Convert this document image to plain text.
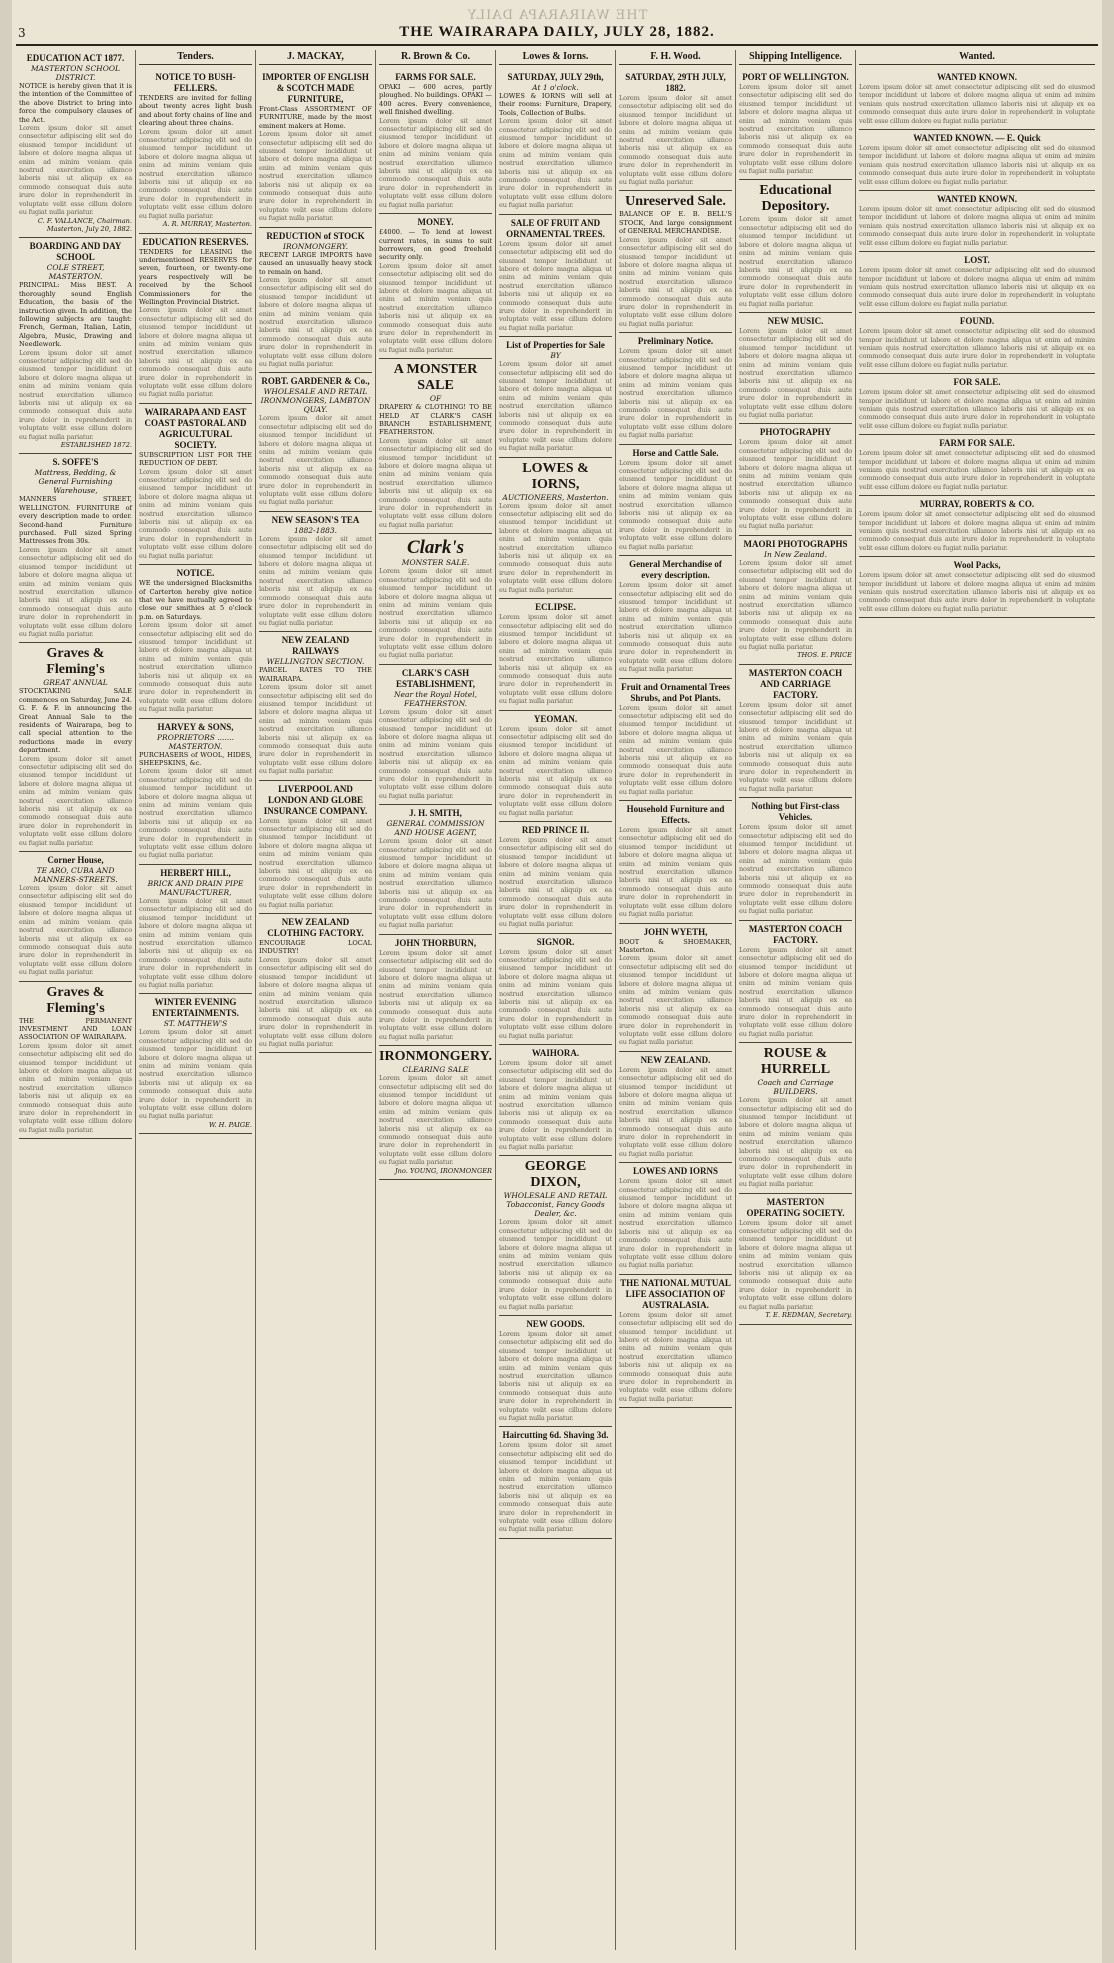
THE WAIRARAPA DAILY
3	THE WAIRARAPA DAILY, JULY 28, 1882.
EDUCATION ACT 1877.
MASTERTON SCHOOL DISTRICT.
NOTICE is hereby given that it is the intention of the Committee of the above District to bring into force the compulsory clauses of the Act.
Lorem ipsum dolor sit amet consectetur adipiscing elit sed do eiusmod tempor incididunt ut labore et dolore magna aliqua ut enim ad minim veniam quis nostrud exercitation ullamco laboris nisi ut aliquip ex ea commodo consequat duis aute irure dolor in reprehenderit in voluptate velit esse cillum dolore eu fugiat nulla pariatur.
C. F. VALLANCE, Chairman. Masterton, July 20, 1882.
BOARDING AND DAY SCHOOL
COLE STREET, MASTERTON.
PRINCIPAL: Miss BEST. A thoroughly sound English Education, the basis of the instruction given. In addition, the following subjects are taught: French, German, Italian, Latin, Algebra, Music, Drawing and Needlework.
Lorem ipsum dolor sit amet consectetur adipiscing elit sed do eiusmod tempor incididunt ut labore et dolore magna aliqua ut enim ad minim veniam quis nostrud exercitation ullamco laboris nisi ut aliquip ex ea commodo consequat duis aute irure dolor in reprehenderit in voluptate velit esse cillum dolore eu fugiat nulla pariatur.
ESTABLISHED 1872.
S. SOFFE'S
Mattress, Bedding, & General Furnishing Warehouse,
MANNERS STREET, WELLINGTON. FURNITURE of every description made to order. Second-hand Furniture purchased. Full sized Spring Mattresses from 30s.
Lorem ipsum dolor sit amet consectetur adipiscing elit sed do eiusmod tempor incididunt ut labore et dolore magna aliqua ut enim ad minim veniam quis nostrud exercitation ullamco laboris nisi ut aliquip ex ea commodo consequat duis aute irure dolor in reprehenderit in voluptate velit esse cillum dolore eu fugiat nulla pariatur.
Graves & Fleming's
GREAT ANNUAL
STOCKTAKING SALE commences on Saturday, June 24. G. F. & F. in announcing the Great Annual Sale to the residents of Wairarapa, beg to call special attention to the reductions made in every department.
Lorem ipsum dolor sit amet consectetur adipiscing elit sed do eiusmod tempor incididunt ut labore et dolore magna aliqua ut enim ad minim veniam quis nostrud exercitation ullamco laboris nisi ut aliquip ex ea commodo consequat duis aute irure dolor in reprehenderit in voluptate velit esse cillum dolore eu fugiat nulla pariatur.
Corner House,
TE ARO, CUBA AND MANNERS-STREETS.
Lorem ipsum dolor sit amet consectetur adipiscing elit sed do eiusmod tempor incididunt ut labore et dolore magna aliqua ut enim ad minim veniam quis nostrud exercitation ullamco laboris nisi ut aliquip ex ea commodo consequat duis aute irure dolor in reprehenderit in voluptate velit esse cillum dolore eu fugiat nulla pariatur.
Graves & Fleming's
THE PERMANENT INVESTMENT AND LOAN ASSOCIATION OF WAIRARAPA.
Lorem ipsum dolor sit amet consectetur adipiscing elit sed do eiusmod tempor incididunt ut labore et dolore magna aliqua ut enim ad minim veniam quis nostrud exercitation ullamco laboris nisi ut aliquip ex ea commodo consequat duis aute irure dolor in reprehenderit in voluptate velit esse cillum dolore eu fugiat nulla pariatur.
Tenders.
NOTICE TO BUSH-FELLERS.
TENDERS are invited for felling about twenty acres light bush and about forty chains of line and clearing about three chains.
Lorem ipsum dolor sit amet consectetur adipiscing elit sed do eiusmod tempor incididunt ut labore et dolore magna aliqua ut enim ad minim veniam quis nostrud exercitation ullamco laboris nisi ut aliquip ex ea commodo consequat duis aute irure dolor in reprehenderit in voluptate velit esse cillum dolore eu fugiat nulla pariatur.
A. R. MURRAY, Masterton.
EDUCATION RESERVES.
TENDERS for LEASING the undermentioned RESERVES for seven, fourteen, or twenty-one years respectively will be received by the School Commissioners for the Wellington Provincial District.
Lorem ipsum dolor sit amet consectetur adipiscing elit sed do eiusmod tempor incididunt ut labore et dolore magna aliqua ut enim ad minim veniam quis nostrud exercitation ullamco laboris nisi ut aliquip ex ea commodo consequat duis aute irure dolor in reprehenderit in voluptate velit esse cillum dolore eu fugiat nulla pariatur.
WAIRARAPA AND EAST COAST PASTORAL AND AGRICULTURAL SOCIETY.
SUBSCRIPTION LIST FOR THE REDUCTION OF DEBT.
Lorem ipsum dolor sit amet consectetur adipiscing elit sed do eiusmod tempor incididunt ut labore et dolore magna aliqua ut enim ad minim veniam quis nostrud exercitation ullamco laboris nisi ut aliquip ex ea commodo consequat duis aute irure dolor in reprehenderit in voluptate velit esse cillum dolore eu fugiat nulla pariatur.
NOTICE.
WE the undersigned Blacksmiths of Carterton hereby give notice that we have mutually agreed to close our smithies at 5 o'clock p.m. on Saturdays.
Lorem ipsum dolor sit amet consectetur adipiscing elit sed do eiusmod tempor incididunt ut labore et dolore magna aliqua ut enim ad minim veniam quis nostrud exercitation ullamco laboris nisi ut aliquip ex ea commodo consequat duis aute irure dolor in reprehenderit in voluptate velit esse cillum dolore eu fugiat nulla pariatur.
HARVEY & SONS,
PROPRIETORS ....... MASTERTON.
PURCHASERS of WOOL, HIDES, SHEEPSKINS, &c.
Lorem ipsum dolor sit amet consectetur adipiscing elit sed do eiusmod tempor incididunt ut labore et dolore magna aliqua ut enim ad minim veniam quis nostrud exercitation ullamco laboris nisi ut aliquip ex ea commodo consequat duis aute irure dolor in reprehenderit in voluptate velit esse cillum dolore eu fugiat nulla pariatur.
HERBERT HILL,
BRICK AND DRAIN PIPE MANUFACTURER,
Lorem ipsum dolor sit amet consectetur adipiscing elit sed do eiusmod tempor incididunt ut labore et dolore magna aliqua ut enim ad minim veniam quis nostrud exercitation ullamco laboris nisi ut aliquip ex ea commodo consequat duis aute irure dolor in reprehenderit in voluptate velit esse cillum dolore eu fugiat nulla pariatur.
WINTER EVENING ENTERTAINMENTS.
ST. MATTHEW'S
Lorem ipsum dolor sit amet consectetur adipiscing elit sed do eiusmod tempor incididunt ut labore et dolore magna aliqua ut enim ad minim veniam quis nostrud exercitation ullamco laboris nisi ut aliquip ex ea commodo consequat duis aute irure dolor in reprehenderit in voluptate velit esse cillum dolore eu fugiat nulla pariatur.
W. H. PAIGE.
J. MACKAY,
IMPORTER OF ENGLISH & SCOTCH MADE FURNITURE,
Front-Class ASSORTMENT OF FURNITURE, made by the most eminent makers at Home.
Lorem ipsum dolor sit amet consectetur adipiscing elit sed do eiusmod tempor incididunt ut labore et dolore magna aliqua ut enim ad minim veniam quis nostrud exercitation ullamco laboris nisi ut aliquip ex ea commodo consequat duis aute irure dolor in reprehenderit in voluptate velit esse cillum dolore eu fugiat nulla pariatur.
REDUCTION of STOCK
IRONMONGERY.
RECENT LARGE IMPORTS have caused an unusually heavy stock to remain on hand.
Lorem ipsum dolor sit amet consectetur adipiscing elit sed do eiusmod tempor incididunt ut labore et dolore magna aliqua ut enim ad minim veniam quis nostrud exercitation ullamco laboris nisi ut aliquip ex ea commodo consequat duis aute irure dolor in reprehenderit in voluptate velit esse cillum dolore eu fugiat nulla pariatur.
ROBT. GARDENER & Co.,
WHOLESALE AND RETAIL IRONMONGERS, LAMBTON QUAY.
Lorem ipsum dolor sit amet consectetur adipiscing elit sed do eiusmod tempor incididunt ut labore et dolore magna aliqua ut enim ad minim veniam quis nostrud exercitation ullamco laboris nisi ut aliquip ex ea commodo consequat duis aute irure dolor in reprehenderit in voluptate velit esse cillum dolore eu fugiat nulla pariatur.
NEW SEASON'S TEA
1882-1883.
Lorem ipsum dolor sit amet consectetur adipiscing elit sed do eiusmod tempor incididunt ut labore et dolore magna aliqua ut enim ad minim veniam quis nostrud exercitation ullamco laboris nisi ut aliquip ex ea commodo consequat duis aute irure dolor in reprehenderit in voluptate velit esse cillum dolore eu fugiat nulla pariatur.
NEW ZEALAND RAILWAYS
WELLINGTON SECTION.
PARCEL RATES TO THE WAIRARAPA.
Lorem ipsum dolor sit amet consectetur adipiscing elit sed do eiusmod tempor incididunt ut labore et dolore magna aliqua ut enim ad minim veniam quis nostrud exercitation ullamco laboris nisi ut aliquip ex ea commodo consequat duis aute irure dolor in reprehenderit in voluptate velit esse cillum dolore eu fugiat nulla pariatur.
LIVERPOOL AND LONDON AND GLOBE INSURANCE COMPANY.
Lorem ipsum dolor sit amet consectetur adipiscing elit sed do eiusmod tempor incididunt ut labore et dolore magna aliqua ut enim ad minim veniam quis nostrud exercitation ullamco laboris nisi ut aliquip ex ea commodo consequat duis aute irure dolor in reprehenderit in voluptate velit esse cillum dolore eu fugiat nulla pariatur.
NEW ZEALAND CLOTHING FACTORY.
ENCOURAGE LOCAL INDUSTRY!
Lorem ipsum dolor sit amet consectetur adipiscing elit sed do eiusmod tempor incididunt ut labore et dolore magna aliqua ut enim ad minim veniam quis nostrud exercitation ullamco laboris nisi ut aliquip ex ea commodo consequat duis aute irure dolor in reprehenderit in voluptate velit esse cillum dolore eu fugiat nulla pariatur.
R. Brown & Co.
FARMS FOR SALE.
OPAKI — 600 acres, partly ploughed. No buildings. OPAKI — 400 acres. Every convenience, well finished dwelling.
Lorem ipsum dolor sit amet consectetur adipiscing elit sed do eiusmod tempor incididunt ut labore et dolore magna aliqua ut enim ad minim veniam quis nostrud exercitation ullamco laboris nisi ut aliquip ex ea commodo consequat duis aute irure dolor in reprehenderit in voluptate velit esse cillum dolore eu fugiat nulla pariatur.
MONEY.
£4000. — To lend at lowest current rates, in sums to suit borrowers, on good freehold security only.
Lorem ipsum dolor sit amet consectetur adipiscing elit sed do eiusmod tempor incididunt ut labore et dolore magna aliqua ut enim ad minim veniam quis nostrud exercitation ullamco laboris nisi ut aliquip ex ea commodo consequat duis aute irure dolor in reprehenderit in voluptate velit esse cillum dolore eu fugiat nulla pariatur.
A MONSTER SALE
OF
DRAPERY & CLOTHING! TO BE HELD AT CLARK'S CASH BRANCH ESTABLISHMENT, FEATHERSTON.
Lorem ipsum dolor sit amet consectetur adipiscing elit sed do eiusmod tempor incididunt ut labore et dolore magna aliqua ut enim ad minim veniam quis nostrud exercitation ullamco laboris nisi ut aliquip ex ea commodo consequat duis aute irure dolor in reprehenderit in voluptate velit esse cillum dolore eu fugiat nulla pariatur.
Clark's
MONSTER SALE.
Lorem ipsum dolor sit amet consectetur adipiscing elit sed do eiusmod tempor incididunt ut labore et dolore magna aliqua ut enim ad minim veniam quis nostrud exercitation ullamco laboris nisi ut aliquip ex ea commodo consequat duis aute irure dolor in reprehenderit in voluptate velit esse cillum dolore eu fugiat nulla pariatur.
CLARK'S CASH ESTABLISHMENT,
Near the Royal Hotel, FEATHERSTON.
Lorem ipsum dolor sit amet consectetur adipiscing elit sed do eiusmod tempor incididunt ut labore et dolore magna aliqua ut enim ad minim veniam quis nostrud exercitation ullamco laboris nisi ut aliquip ex ea commodo consequat duis aute irure dolor in reprehenderit in voluptate velit esse cillum dolore eu fugiat nulla pariatur.
J. H. SMITH,
GENERAL COMMISSION AND HOUSE AGENT,
Lorem ipsum dolor sit amet consectetur adipiscing elit sed do eiusmod tempor incididunt ut labore et dolore magna aliqua ut enim ad minim veniam quis nostrud exercitation ullamco laboris nisi ut aliquip ex ea commodo consequat duis aute irure dolor in reprehenderit in voluptate velit esse cillum dolore eu fugiat nulla pariatur.
JOHN THORBURN,
Lorem ipsum dolor sit amet consectetur adipiscing elit sed do eiusmod tempor incididunt ut labore et dolore magna aliqua ut enim ad minim veniam quis nostrud exercitation ullamco laboris nisi ut aliquip ex ea commodo consequat duis aute irure dolor in reprehenderit in voluptate velit esse cillum dolore eu fugiat nulla pariatur.
IRONMONGERY.
CLEARING SALE
Lorem ipsum dolor sit amet consectetur adipiscing elit sed do eiusmod tempor incididunt ut labore et dolore magna aliqua ut enim ad minim veniam quis nostrud exercitation ullamco laboris nisi ut aliquip ex ea commodo consequat duis aute irure dolor in reprehenderit in voluptate velit esse cillum dolore eu fugiat nulla pariatur.
Jno. YOUNG, IRONMONGER
Lowes & Iorns.
SATURDAY, JULY 29th,
At 1 o'clock.
LOWES & IORNS will sell at their rooms: Furniture, Drapery, Tools, Collection of Bulbs.
Lorem ipsum dolor sit amet consectetur adipiscing elit sed do eiusmod tempor incididunt ut labore et dolore magna aliqua ut enim ad minim veniam quis nostrud exercitation ullamco laboris nisi ut aliquip ex ea commodo consequat duis aute irure dolor in reprehenderit in voluptate velit esse cillum dolore eu fugiat nulla pariatur.
SALE OF FRUIT AND ORNAMENTAL TREES.
Lorem ipsum dolor sit amet consectetur adipiscing elit sed do eiusmod tempor incididunt ut labore et dolore magna aliqua ut enim ad minim veniam quis nostrud exercitation ullamco laboris nisi ut aliquip ex ea commodo consequat duis aute irure dolor in reprehenderit in voluptate velit esse cillum dolore eu fugiat nulla pariatur.
List of Properties for Sale
BY
Lorem ipsum dolor sit amet consectetur adipiscing elit sed do eiusmod tempor incididunt ut labore et dolore magna aliqua ut enim ad minim veniam quis nostrud exercitation ullamco laboris nisi ut aliquip ex ea commodo consequat duis aute irure dolor in reprehenderit in voluptate velit esse cillum dolore eu fugiat nulla pariatur.
LOWES & IORNS,
AUCTIONEERS, Masterton.
Lorem ipsum dolor sit amet consectetur adipiscing elit sed do eiusmod tempor incididunt ut labore et dolore magna aliqua ut enim ad minim veniam quis nostrud exercitation ullamco laboris nisi ut aliquip ex ea commodo consequat duis aute irure dolor in reprehenderit in voluptate velit esse cillum dolore eu fugiat nulla pariatur.
ECLIPSE.
Lorem ipsum dolor sit amet consectetur adipiscing elit sed do eiusmod tempor incididunt ut labore et dolore magna aliqua ut enim ad minim veniam quis nostrud exercitation ullamco laboris nisi ut aliquip ex ea commodo consequat duis aute irure dolor in reprehenderit in voluptate velit esse cillum dolore eu fugiat nulla pariatur.
YEOMAN.
Lorem ipsum dolor sit amet consectetur adipiscing elit sed do eiusmod tempor incididunt ut labore et dolore magna aliqua ut enim ad minim veniam quis nostrud exercitation ullamco laboris nisi ut aliquip ex ea commodo consequat duis aute irure dolor in reprehenderit in voluptate velit esse cillum dolore eu fugiat nulla pariatur.
RED PRINCE II.
Lorem ipsum dolor sit amet consectetur adipiscing elit sed do eiusmod tempor incididunt ut labore et dolore magna aliqua ut enim ad minim veniam quis nostrud exercitation ullamco laboris nisi ut aliquip ex ea commodo consequat duis aute irure dolor in reprehenderit in voluptate velit esse cillum dolore eu fugiat nulla pariatur.
SIGNOR.
Lorem ipsum dolor sit amet consectetur adipiscing elit sed do eiusmod tempor incididunt ut labore et dolore magna aliqua ut enim ad minim veniam quis nostrud exercitation ullamco laboris nisi ut aliquip ex ea commodo consequat duis aute irure dolor in reprehenderit in voluptate velit esse cillum dolore eu fugiat nulla pariatur.
WAIHORA.
Lorem ipsum dolor sit amet consectetur adipiscing elit sed do eiusmod tempor incididunt ut labore et dolore magna aliqua ut enim ad minim veniam quis nostrud exercitation ullamco laboris nisi ut aliquip ex ea commodo consequat duis aute irure dolor in reprehenderit in voluptate velit esse cillum dolore eu fugiat nulla pariatur.
GEORGE DIXON,
WHOLESALE AND RETAIL Tobacconist, Fancy Goods Dealer, &c.
Lorem ipsum dolor sit amet consectetur adipiscing elit sed do eiusmod tempor incididunt ut labore et dolore magna aliqua ut enim ad minim veniam quis nostrud exercitation ullamco laboris nisi ut aliquip ex ea commodo consequat duis aute irure dolor in reprehenderit in voluptate velit esse cillum dolore eu fugiat nulla pariatur.
NEW GOODS.
Lorem ipsum dolor sit amet consectetur adipiscing elit sed do eiusmod tempor incididunt ut labore et dolore magna aliqua ut enim ad minim veniam quis nostrud exercitation ullamco laboris nisi ut aliquip ex ea commodo consequat duis aute irure dolor in reprehenderit in voluptate velit esse cillum dolore eu fugiat nulla pariatur.
Haircutting 6d. Shaving 3d.
Lorem ipsum dolor sit amet consectetur adipiscing elit sed do eiusmod tempor incididunt ut labore et dolore magna aliqua ut enim ad minim veniam quis nostrud exercitation ullamco laboris nisi ut aliquip ex ea commodo consequat duis aute irure dolor in reprehenderit in voluptate velit esse cillum dolore eu fugiat nulla pariatur.
F. H. Wood.
SATURDAY, 29TH JULY, 1882.
Lorem ipsum dolor sit amet consectetur adipiscing elit sed do eiusmod tempor incididunt ut labore et dolore magna aliqua ut enim ad minim veniam quis nostrud exercitation ullamco laboris nisi ut aliquip ex ea commodo consequat duis aute irure dolor in reprehenderit in voluptate velit esse cillum dolore eu fugiat nulla pariatur.
Unreserved Sale.
BALANCE OF E. B. BELL'S STOCK, And large consignment of GENERAL MERCHANDISE.
Lorem ipsum dolor sit amet consectetur adipiscing elit sed do eiusmod tempor incididunt ut labore et dolore magna aliqua ut enim ad minim veniam quis nostrud exercitation ullamco laboris nisi ut aliquip ex ea commodo consequat duis aute irure dolor in reprehenderit in voluptate velit esse cillum dolore eu fugiat nulla pariatur.
Preliminary Notice.
Lorem ipsum dolor sit amet consectetur adipiscing elit sed do eiusmod tempor incididunt ut labore et dolore magna aliqua ut enim ad minim veniam quis nostrud exercitation ullamco laboris nisi ut aliquip ex ea commodo consequat duis aute irure dolor in reprehenderit in voluptate velit esse cillum dolore eu fugiat nulla pariatur.
Horse and Cattle Sale.
Lorem ipsum dolor sit amet consectetur adipiscing elit sed do eiusmod tempor incididunt ut labore et dolore magna aliqua ut enim ad minim veniam quis nostrud exercitation ullamco laboris nisi ut aliquip ex ea commodo consequat duis aute irure dolor in reprehenderit in voluptate velit esse cillum dolore eu fugiat nulla pariatur.
General Merchandise of every description.
Lorem ipsum dolor sit amet consectetur adipiscing elit sed do eiusmod tempor incididunt ut labore et dolore magna aliqua ut enim ad minim veniam quis nostrud exercitation ullamco laboris nisi ut aliquip ex ea commodo consequat duis aute irure dolor in reprehenderit in voluptate velit esse cillum dolore eu fugiat nulla pariatur.
Fruit and Ornamental Trees Shrubs, and Pot Plants.
Lorem ipsum dolor sit amet consectetur adipiscing elit sed do eiusmod tempor incididunt ut labore et dolore magna aliqua ut enim ad minim veniam quis nostrud exercitation ullamco laboris nisi ut aliquip ex ea commodo consequat duis aute irure dolor in reprehenderit in voluptate velit esse cillum dolore eu fugiat nulla pariatur.
Household Furniture and Effects.
Lorem ipsum dolor sit amet consectetur adipiscing elit sed do eiusmod tempor incididunt ut labore et dolore magna aliqua ut enim ad minim veniam quis nostrud exercitation ullamco laboris nisi ut aliquip ex ea commodo consequat duis aute irure dolor in reprehenderit in voluptate velit esse cillum dolore eu fugiat nulla pariatur.
JOHN WYETH,
BOOT & SHOEMAKER, Masterton.
Lorem ipsum dolor sit amet consectetur adipiscing elit sed do eiusmod tempor incididunt ut labore et dolore magna aliqua ut enim ad minim veniam quis nostrud exercitation ullamco laboris nisi ut aliquip ex ea commodo consequat duis aute irure dolor in reprehenderit in voluptate velit esse cillum dolore eu fugiat nulla pariatur.
NEW ZEALAND.
Lorem ipsum dolor sit amet consectetur adipiscing elit sed do eiusmod tempor incididunt ut labore et dolore magna aliqua ut enim ad minim veniam quis nostrud exercitation ullamco laboris nisi ut aliquip ex ea commodo consequat duis aute irure dolor in reprehenderit in voluptate velit esse cillum dolore eu fugiat nulla pariatur.
LOWES AND IORNS
Lorem ipsum dolor sit amet consectetur adipiscing elit sed do eiusmod tempor incididunt ut labore et dolore magna aliqua ut enim ad minim veniam quis nostrud exercitation ullamco laboris nisi ut aliquip ex ea commodo consequat duis aute irure dolor in reprehenderit in voluptate velit esse cillum dolore eu fugiat nulla pariatur.
THE NATIONAL MUTUAL LIFE ASSOCIATION OF AUSTRALASIA.
Lorem ipsum dolor sit amet consectetur adipiscing elit sed do eiusmod tempor incididunt ut labore et dolore magna aliqua ut enim ad minim veniam quis nostrud exercitation ullamco laboris nisi ut aliquip ex ea commodo consequat duis aute irure dolor in reprehenderit in voluptate velit esse cillum dolore eu fugiat nulla pariatur.
Shipping Intelligence.
PORT OF WELLINGTON.
Lorem ipsum dolor sit amet consectetur adipiscing elit sed do eiusmod tempor incididunt ut labore et dolore magna aliqua ut enim ad minim veniam quis nostrud exercitation ullamco laboris nisi ut aliquip ex ea commodo consequat duis aute irure dolor in reprehenderit in voluptate velit esse cillum dolore eu fugiat nulla pariatur.
Educational Depository.
Lorem ipsum dolor sit amet consectetur adipiscing elit sed do eiusmod tempor incididunt ut labore et dolore magna aliqua ut enim ad minim veniam quis nostrud exercitation ullamco laboris nisi ut aliquip ex ea commodo consequat duis aute irure dolor in reprehenderit in voluptate velit esse cillum dolore eu fugiat nulla pariatur.
NEW MUSIC.
Lorem ipsum dolor sit amet consectetur adipiscing elit sed do eiusmod tempor incididunt ut labore et dolore magna aliqua ut enim ad minim veniam quis nostrud exercitation ullamco laboris nisi ut aliquip ex ea commodo consequat duis aute irure dolor in reprehenderit in voluptate velit esse cillum dolore eu fugiat nulla pariatur.
PHOTOGRAPHY
Lorem ipsum dolor sit amet consectetur adipiscing elit sed do eiusmod tempor incididunt ut labore et dolore magna aliqua ut enim ad minim veniam quis nostrud exercitation ullamco laboris nisi ut aliquip ex ea commodo consequat duis aute irure dolor in reprehenderit in voluptate velit esse cillum dolore eu fugiat nulla pariatur.
MAORI PHOTOGRAPHS
In New Zealand.
Lorem ipsum dolor sit amet consectetur adipiscing elit sed do eiusmod tempor incididunt ut labore et dolore magna aliqua ut enim ad minim veniam quis nostrud exercitation ullamco laboris nisi ut aliquip ex ea commodo consequat duis aute irure dolor in reprehenderit in voluptate velit esse cillum dolore eu fugiat nulla pariatur.
THOS. E. PRICE
MASTERTON COACH AND CARRIAGE FACTORY.
Lorem ipsum dolor sit amet consectetur adipiscing elit sed do eiusmod tempor incididunt ut labore et dolore magna aliqua ut enim ad minim veniam quis nostrud exercitation ullamco laboris nisi ut aliquip ex ea commodo consequat duis aute irure dolor in reprehenderit in voluptate velit esse cillum dolore eu fugiat nulla pariatur.
Nothing but First-class Vehicles.
Lorem ipsum dolor sit amet consectetur adipiscing elit sed do eiusmod tempor incididunt ut labore et dolore magna aliqua ut enim ad minim veniam quis nostrud exercitation ullamco laboris nisi ut aliquip ex ea commodo consequat duis aute irure dolor in reprehenderit in voluptate velit esse cillum dolore eu fugiat nulla pariatur.
MASTERTON COACH FACTORY.
Lorem ipsum dolor sit amet consectetur adipiscing elit sed do eiusmod tempor incididunt ut labore et dolore magna aliqua ut enim ad minim veniam quis nostrud exercitation ullamco laboris nisi ut aliquip ex ea commodo consequat duis aute irure dolor in reprehenderit in voluptate velit esse cillum dolore eu fugiat nulla pariatur.
ROUSE & HURRELL
Coach and Carriage BUILDERS.
Lorem ipsum dolor sit amet consectetur adipiscing elit sed do eiusmod tempor incididunt ut labore et dolore magna aliqua ut enim ad minim veniam quis nostrud exercitation ullamco laboris nisi ut aliquip ex ea commodo consequat duis aute irure dolor in reprehenderit in voluptate velit esse cillum dolore eu fugiat nulla pariatur.
MASTERTON OPERATING SOCIETY.
Lorem ipsum dolor sit amet consectetur adipiscing elit sed do eiusmod tempor incididunt ut labore et dolore magna aliqua ut enim ad minim veniam quis nostrud exercitation ullamco laboris nisi ut aliquip ex ea commodo consequat duis aute irure dolor in reprehenderit in voluptate velit esse cillum dolore eu fugiat nulla pariatur.
T. E. REDMAN, Secretary.
Wanted.
WANTED KNOWN.
Lorem ipsum dolor sit amet consectetur adipiscing elit sed do eiusmod tempor incididunt ut labore et dolore magna aliqua ut enim ad minim veniam quis nostrud exercitation ullamco laboris nisi ut aliquip ex ea commodo consequat duis aute irure dolor in reprehenderit in voluptate velit esse cillum dolore eu fugiat nulla pariatur.
WANTED KNOWN. — E. Quick
Lorem ipsum dolor sit amet consectetur adipiscing elit sed do eiusmod tempor incididunt ut labore et dolore magna aliqua ut enim ad minim veniam quis nostrud exercitation ullamco laboris nisi ut aliquip ex ea commodo consequat duis aute irure dolor in reprehenderit in voluptate velit esse cillum dolore eu fugiat nulla pariatur.
WANTED KNOWN.
Lorem ipsum dolor sit amet consectetur adipiscing elit sed do eiusmod tempor incididunt ut labore et dolore magna aliqua ut enim ad minim veniam quis nostrud exercitation ullamco laboris nisi ut aliquip ex ea commodo consequat duis aute irure dolor in reprehenderit in voluptate velit esse cillum dolore eu fugiat nulla pariatur.
LOST.
Lorem ipsum dolor sit amet consectetur adipiscing elit sed do eiusmod tempor incididunt ut labore et dolore magna aliqua ut enim ad minim veniam quis nostrud exercitation ullamco laboris nisi ut aliquip ex ea commodo consequat duis aute irure dolor in reprehenderit in voluptate velit esse cillum dolore eu fugiat nulla pariatur.
FOUND.
Lorem ipsum dolor sit amet consectetur adipiscing elit sed do eiusmod tempor incididunt ut labore et dolore magna aliqua ut enim ad minim veniam quis nostrud exercitation ullamco laboris nisi ut aliquip ex ea commodo consequat duis aute irure dolor in reprehenderit in voluptate velit esse cillum dolore eu fugiat nulla pariatur.
FOR SALE.
Lorem ipsum dolor sit amet consectetur adipiscing elit sed do eiusmod tempor incididunt ut labore et dolore magna aliqua ut enim ad minim veniam quis nostrud exercitation ullamco laboris nisi ut aliquip ex ea commodo consequat duis aute irure dolor in reprehenderit in voluptate velit esse cillum dolore eu fugiat nulla pariatur.
FARM FOR SALE.
Lorem ipsum dolor sit amet consectetur adipiscing elit sed do eiusmod tempor incididunt ut labore et dolore magna aliqua ut enim ad minim veniam quis nostrud exercitation ullamco laboris nisi ut aliquip ex ea commodo consequat duis aute irure dolor in reprehenderit in voluptate velit esse cillum dolore eu fugiat nulla pariatur.
MURRAY, ROBERTS & CO.
Lorem ipsum dolor sit amet consectetur adipiscing elit sed do eiusmod tempor incididunt ut labore et dolore magna aliqua ut enim ad minim veniam quis nostrud exercitation ullamco laboris nisi ut aliquip ex ea commodo consequat duis aute irure dolor in reprehenderit in voluptate velit esse cillum dolore eu fugiat nulla pariatur.
Wool Packs,
Lorem ipsum dolor sit amet consectetur adipiscing elit sed do eiusmod tempor incididunt ut labore et dolore magna aliqua ut enim ad minim veniam quis nostrud exercitation ullamco laboris nisi ut aliquip ex ea commodo consequat duis aute irure dolor in reprehenderit in voluptate velit esse cillum dolore eu fugiat nulla pariatur.
